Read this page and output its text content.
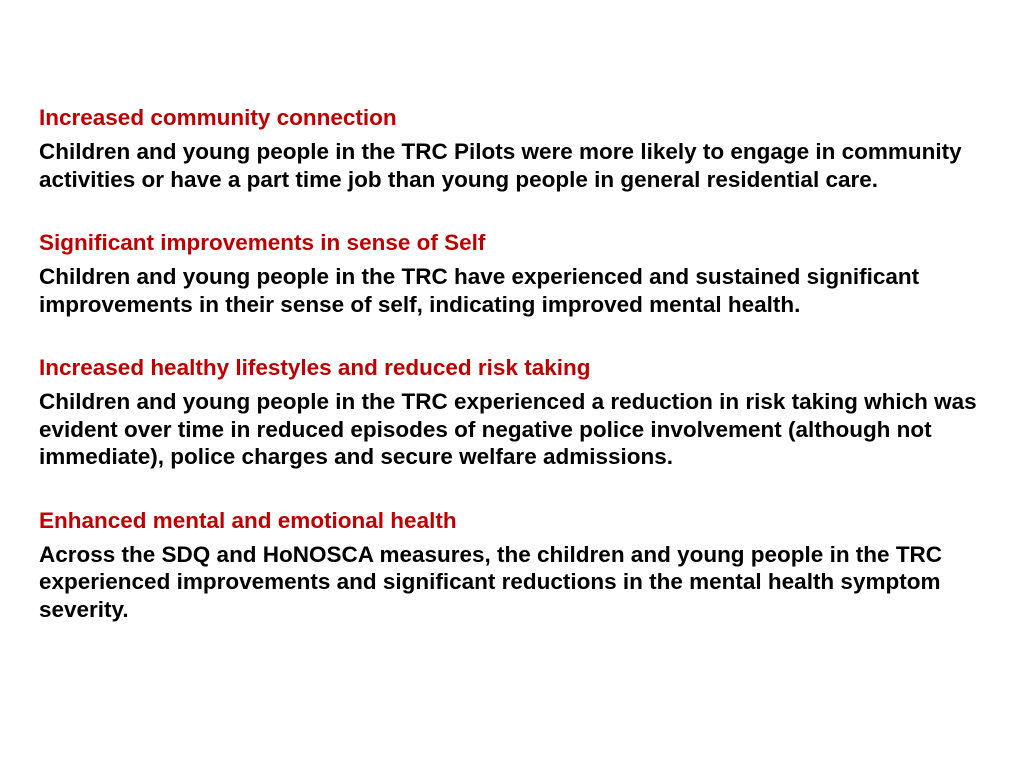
Increased community connection

Children and young people in the TRC Pilots were more likely to engage in community activities or have a part time job than young people in general residential care.

Significant improvements in sense of Self

Children and young people in the TRC have experienced and sustained significant improvements in their sense of self, indicating improved mental health.

Increased healthy lifestyles and reduced risk taking

Children and young people in the TRC experienced a reduction in risk taking which was evident over time in reduced episodes of negative police involvement (although not immediate), police charges and secure welfare admissions.

Enhanced mental and emotional health

Across the SDQ and HoNOSCA measures, the children and young people in the TRC experienced improvements and significant reductions in the mental health symptom severity.
